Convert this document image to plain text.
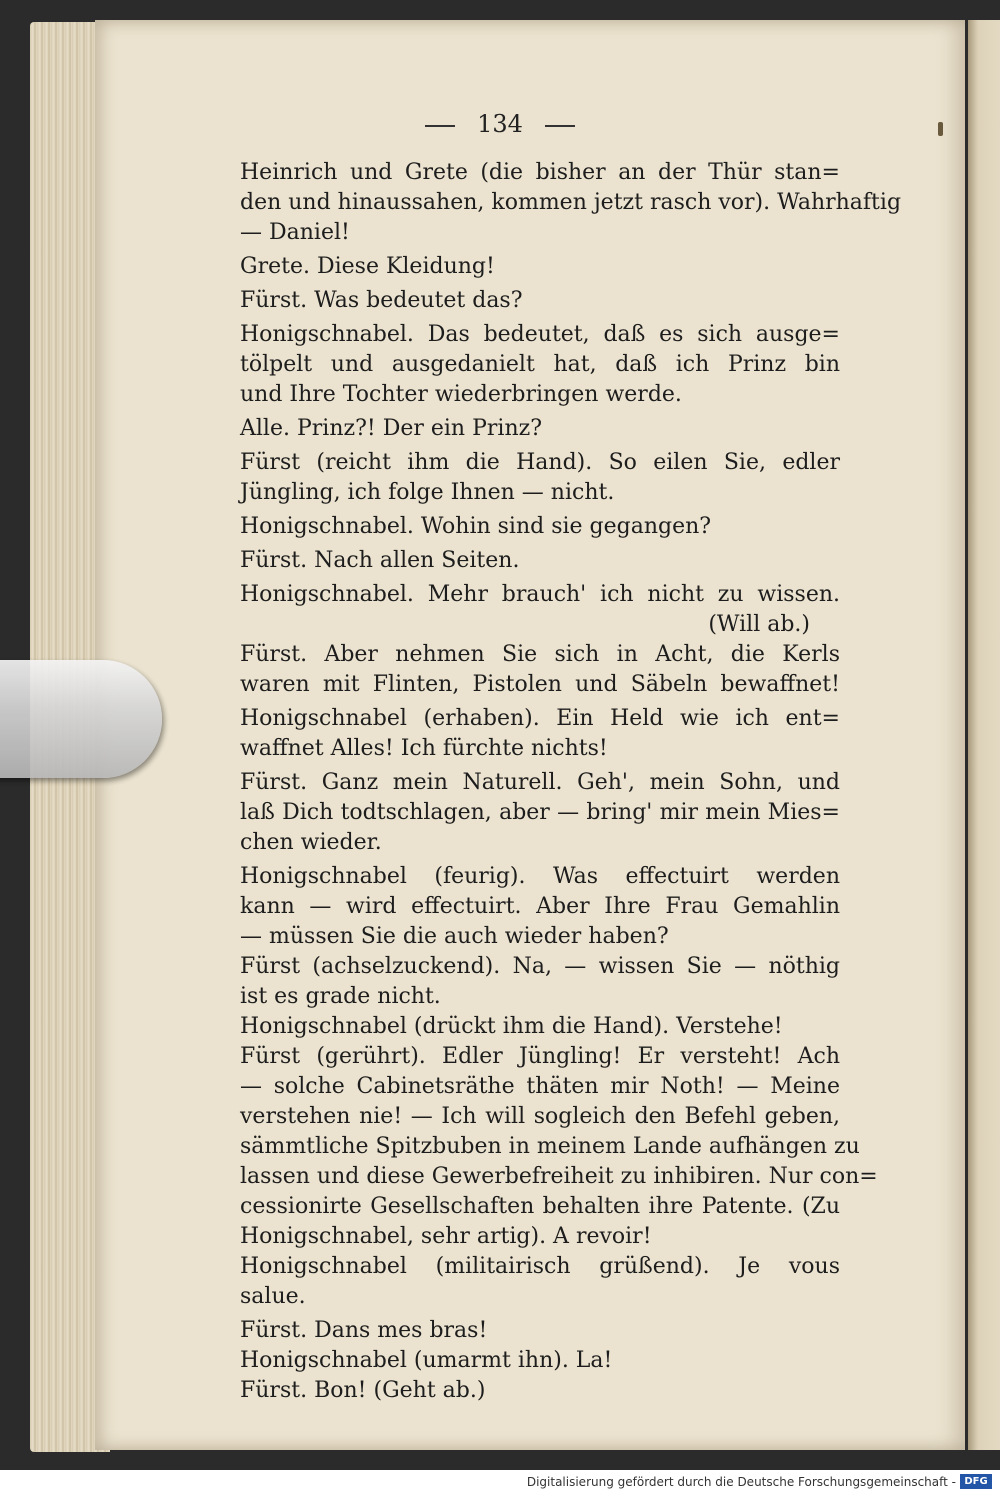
134
Heinrich und Grete (die bisher an der Thür stan=
den und hinaussahen, kommen jetzt rasch vor). Wahrhaftig
— Daniel!
Grete. Diese Kleidung!
Fürst. Was bedeutet das?
Honigschnabel. Das bedeutet, daß es sich ausge=
tölpelt und ausgedanielt hat, daß ich Prinz bin
und Ihre Tochter wiederbringen werde.
Alle. Prinz?! Der ein Prinz?
Fürst (reicht ihm die Hand). So eilen Sie, edler
Jüngling, ich folge Ihnen — nicht.
Honigschnabel. Wohin sind sie gegangen?
Fürst. Nach allen Seiten.
Honigschnabel. Mehr brauch' ich nicht zu wissen.
(Will ab.)
Fürst. Aber nehmen Sie sich in Acht, die Kerls
waren mit Flinten, Pistolen und Säbeln bewaffnet!
Honigschnabel (erhaben). Ein Held wie ich ent=
waffnet Alles! Ich fürchte nichts!
Fürst. Ganz mein Naturell. Geh', mein Sohn, und
laß Dich todtschlagen, aber — bring' mir mein Mies=
chen wieder.
Honigschnabel (feurig). Was effectuirt werden
kann — wird effectuirt. Aber Ihre Frau Gemahlin
— müssen Sie die auch wieder haben?
Fürst (achselzuckend). Na, — wissen Sie — nöthig
ist es grade nicht.
Honigschnabel (drückt ihm die Hand). Verstehe!
Fürst (gerührt). Edler Jüngling! Er versteht! Ach
— solche Cabinetsräthe thäten mir Noth! — Meine
verstehen nie! — Ich will sogleich den Befehl geben,
sämmtliche Spitzbuben in meinem Lande aufhängen zu
lassen und diese Gewerbefreiheit zu inhibiren. Nur con=
cessionirte Gesellschaften behalten ihre Patente. (Zu
Honigschnabel, sehr artig). A revoir!
Honigschnabel (militairisch grüßend). Je vous
salue.
Fürst. Dans mes bras!
Honigschnabel (umarmt ihn). La!
Fürst. Bon! (Geht ab.)
Digitalisierung gefördert durch die Deutsche Forschungsgemeinschaft - DFG
